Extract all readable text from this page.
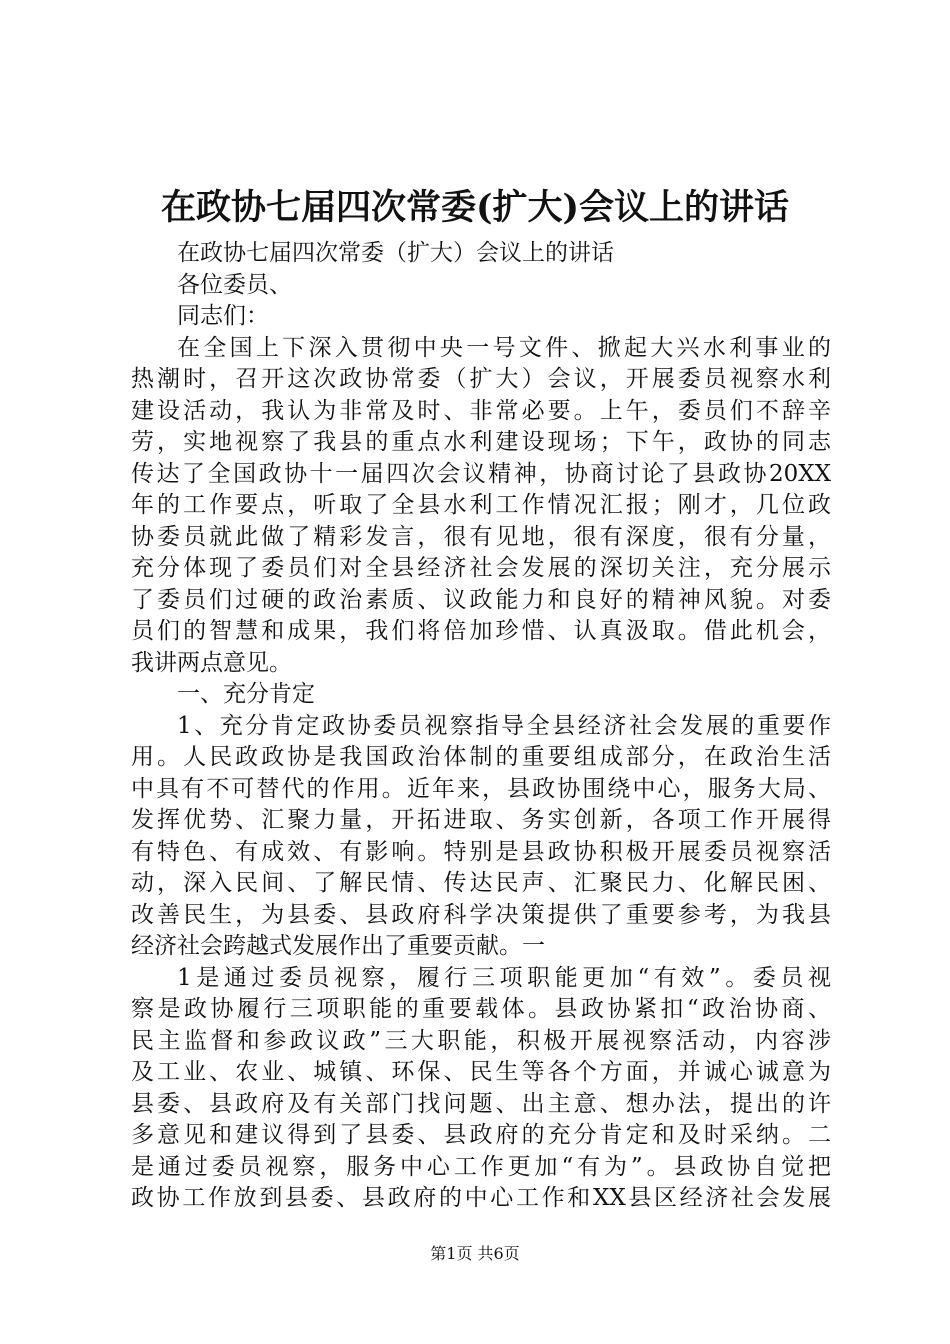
在政协七届四次常委(扩大)会议上的讲话
在政协七届四次常委（扩大）会议上的讲话
各位委员、
同志们：
在全国上下深入贯彻中央一号文件、掀起大兴水利事业的
热潮时，召开这次政协常委（扩大）会议，开展委员视察水利
建设活动，我认为非常及时、非常必要。上午，委员们不辞辛
劳，实地视察了我县的重点水利建设现场；下午，政协的同志
传达了全国政协十一届四次会议精神，协商讨论了县政协20XX
年的工作要点，听取了全县水利工作情况汇报；刚才，几位政
协委员就此做了精彩发言，很有见地，很有深度，很有分量，
充分体现了委员们对全县经济社会发展的深切关注，充分展示
了委员们过硬的政治素质、议政能力和良好的精神风貌。对委
员们的智慧和成果，我们将倍加珍惜、认真汲取。借此机会，
我讲两点意见。
一、充分肯定
1、充分肯定政协委员视察指导全县经济社会发展的重要作
用。人民政政协是我国政治体制的重要组成部分，在政治生活
中具有不可替代的作用。近年来，县政协围绕中心，服务大局、
发挥优势、汇聚力量，开拓进取、务实创新，各项工作开展得
有特色、有成效、有影响。特别是县政协积极开展委员视察活
动，深入民间、了解民情、传达民声、汇聚民力、化解民困、
改善民生，为县委、县政府科学决策提供了重要参考，为我县
经济社会跨越式发展作出了重要贡献。一
1是通过委员视察，履行三项职能更加“有效”。委员视
察是政协履行三项职能的重要载体。县政协紧扣“政治协商、
民主监督和参政议政”三大职能，积极开展视察活动，内容涉
及工业、农业、城镇、环保、民生等各个方面，并诚心诚意为
县委、县政府及有关部门找问题、出主意、想办法，提出的许
多意见和建议得到了县委、县政府的充分肯定和及时采纳。二
是通过委员视察，服务中心工作更加“有为”。县政协自觉把
政协工作放到县委、县政府的中心工作和XX县区经济社会发展
第1页 共6页
